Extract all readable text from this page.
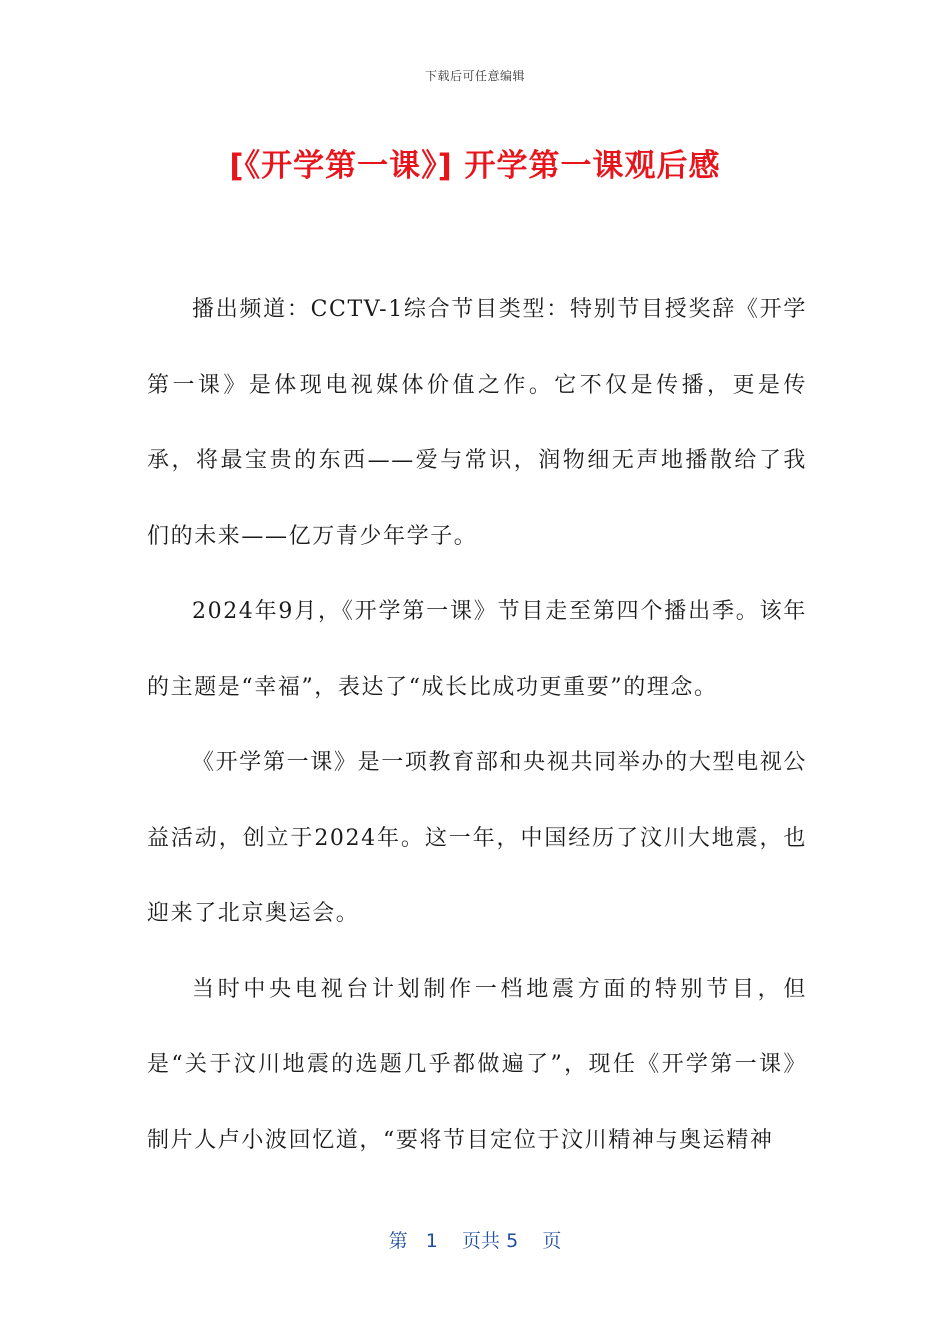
下载后可任意编辑
[《开学第一课》] 开学第一课观后感

播出频道：CCTV-1综合节目类型：特别节目授奖辞《开学第一课》是体现电视媒体价值之作。它不仅是传播，更是传承，将最宝贵的东西——爱与常识，润物细无声地播散给了我们的未来——亿万青少年学子。

2024年9月，《开学第一课》节目走至第四个播出季。该年的主题是“幸福”，表达了“成长比成功更重要”的理念。

《开学第一课》是一项教育部和央视共同举办的大型电视公益活动，创立于2024年。这一年，中国经历了汶川大地震，也迎来了北京奥运会。

当时中央电视台计划制作一档地震方面的特别节目，但是“关于汶川地震的选题几乎都做遍了”，现任《开学第一课》制片人卢小波回忆道，“要将节目定位于汶川精神与奥运精神

第 1 页共 5 页
